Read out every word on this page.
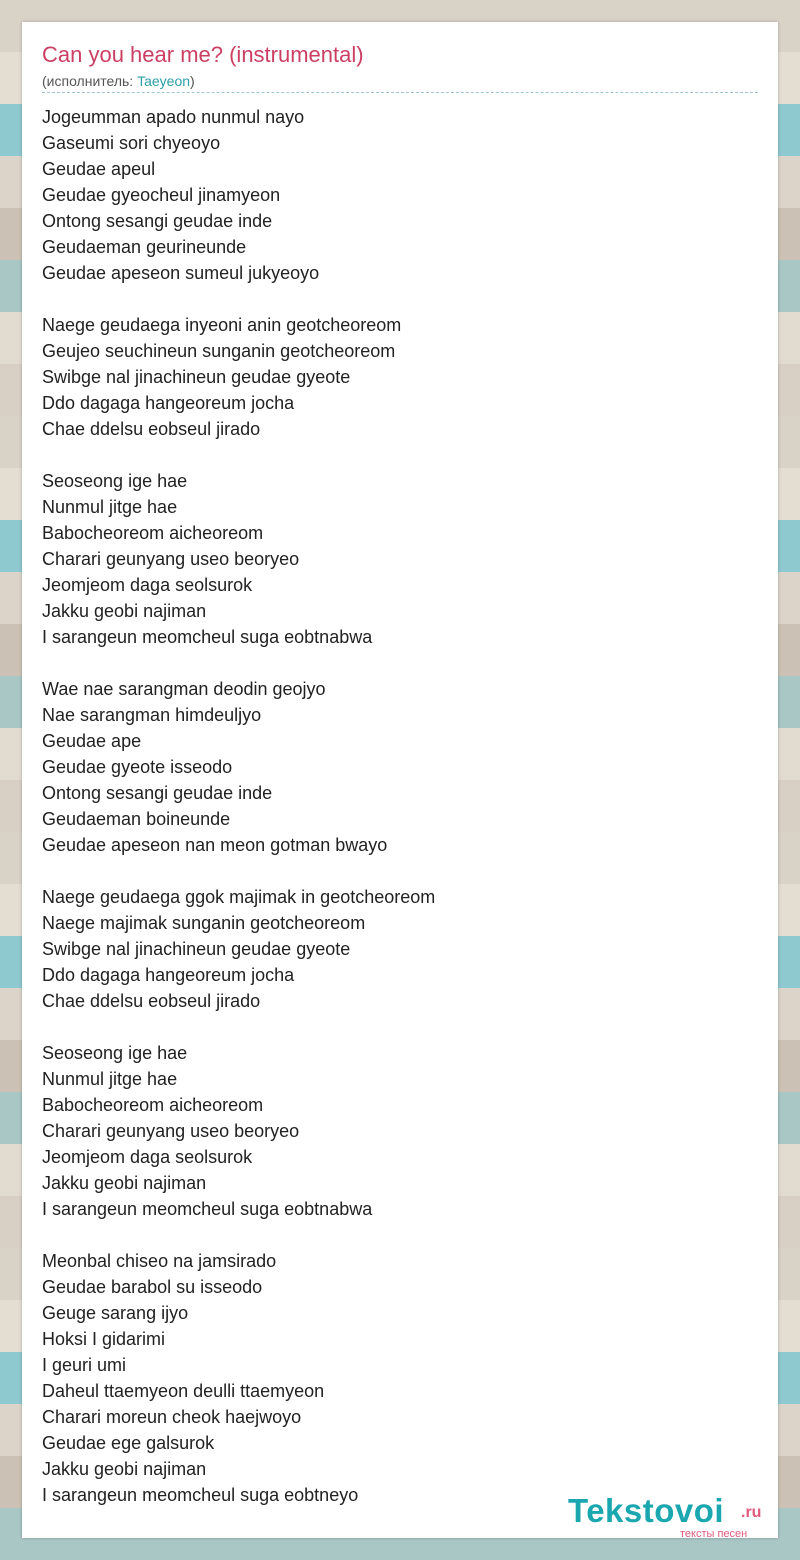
Can you hear me? (instrumental)
(исполнитель: Taeyeon)
Jogeumman apado nunmul nayo
Gaseumi sori chyeoyo
Geudae apeul
Geudae gyeocheul jinamyeon
Ontong sesangi geudae inde
Geudaeman geurineunde
Geudae apeseon sumeul jukyeoyo
Naege geudaega inyeoni anin geotcheoreom
Geujeo seuchineun sunganin geotcheoreom
Swibge nal jinachineun geudae gyeote
Ddo dagaga hangeoreum jocha
Chae ddelsu eobseul jirado
Seoseong ige hae
Nunmul jitge hae
Babocheoreom aicheoreom
Charari geunyang useo beoryeo
Jeomjeom daga seolsurok
Jakku geobi najiman
I sarangeun meomcheul suga eobtnabwa
Wae nae sarangman deodin geojyo
Nae sarangman himdeuljyo
Geudae ape
Geudae gyeote isseodo
Ontong sesangi geudae inde
Geudaeman boineunde
Geudae apeseon nan meon gotman bwayo
Naege geudaega ggok majimak in geotcheoreom
Naege majimak sunganin geotcheoreom
Swibge nal jinachineun geudae gyeote
Ddo dagaga hangeoreum jocha
Chae ddelsu eobseul jirado
Seoseong ige hae
Nunmul jitge hae
Babocheoreom aicheoreom
Charari geunyang useo beoryeo
Jeomjeom daga seolsurok
Jakku geobi najiman
I sarangeun meomcheul suga eobtnabwa
Meonbal chiseo na jamsirado
Geudae barabol su isseodo
Geuge sarang ijyo
Hoksi I gidarimi
I geuri umi
Daheul ttaemyeon deulli ttaemyeon
Charari moreun cheok haejwoyo
Geudae ege galsurok
Jakku geobi najiman
I sarangeun meomcheul suga eobtneyo	Tekstovoi .ru
тексты песен
